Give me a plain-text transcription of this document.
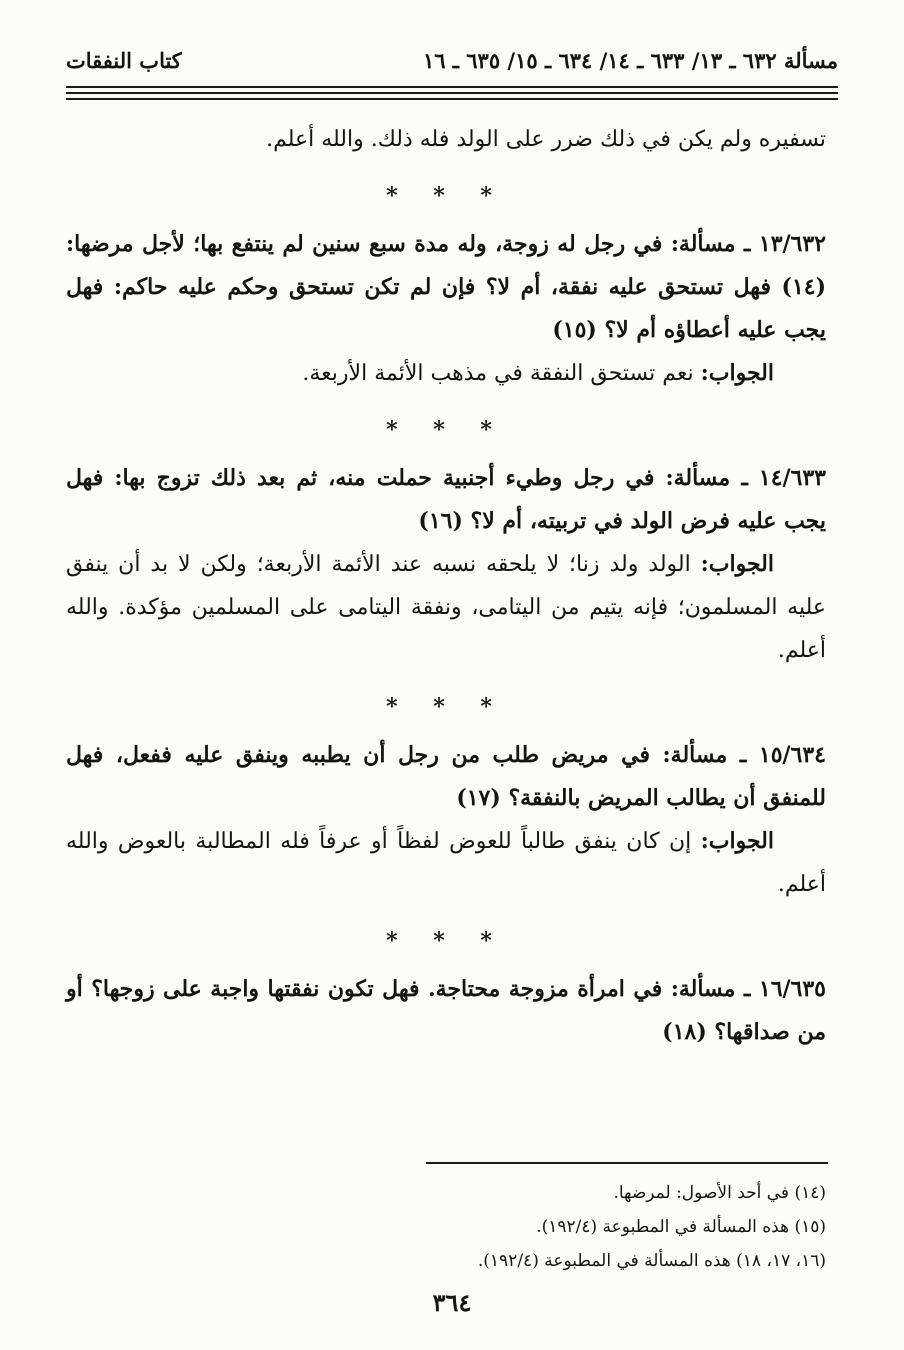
مسألة ٦٣٢ ـ ١٣/ ٦٣٣ ـ ١٤/ ٦٣٤ ـ ١٥/ ٦٣٥ ـ ١٦
كتاب النفقات

تسفيره ولم يكن في ذلك ضرر على الولد فله ذلك. والله أعلم.

* * *

١٣/٦٣٢ ـ مسألة: في رجل له زوجة، وله مدة سبع سنين لم ينتفع بها؛ لأجل مرضها: (١٤) فهل تستحق عليه نفقة، أم لا؟ فإن لم تكن تستحق وحكم عليه حاكم: فهل يجب عليه أعطاؤه أم لا؟ (١٥)

الجواب: نعم تستحق النفقة في مذهب الأئمة الأربعة.

* * *

١٤/٦٣٣ ـ مسألة: في رجل وطيء أجنبية حملت منه، ثم بعد ذلك تزوج بها: فهل يجب عليه فرض الولد في تربيته، أم لا؟ (١٦)

الجواب: الولد ولد زنا؛ لا يلحقه نسبه عند الأئمة الأربعة؛ ولكن لا بد أن ينفق عليه المسلمون؛ فإنه يتيم من اليتامى، ونفقة اليتامى على المسلمين مؤكدة. والله أعلم.

* * *

١٥/٦٣٤ ـ مسألة: في مريض طلب من رجل أن يطببه وينفق عليه ففعل، فهل للمنفق أن يطالب المريض بالنفقة؟ (١٧)

الجواب: إن كان ينفق طالباً للعوض لفظاً أو عرفاً فله المطالبة بالعوض والله أعلم.

* * *

١٦/٦٣٥ ـ مسألة: في امرأة مزوجة محتاجة. فهل تكون نفقتها واجبة على زوجها؟ أو من صداقها؟ (١٨)

(١٤) في أحد الأصول: لمرضها.

(١٥) هذه المسألة في المطبوعة (١٩٢/٤).

(١٦، ١٧، ١٨) هذه المسألة في المطبوعة (١٩٢/٤).

٣٦٤
